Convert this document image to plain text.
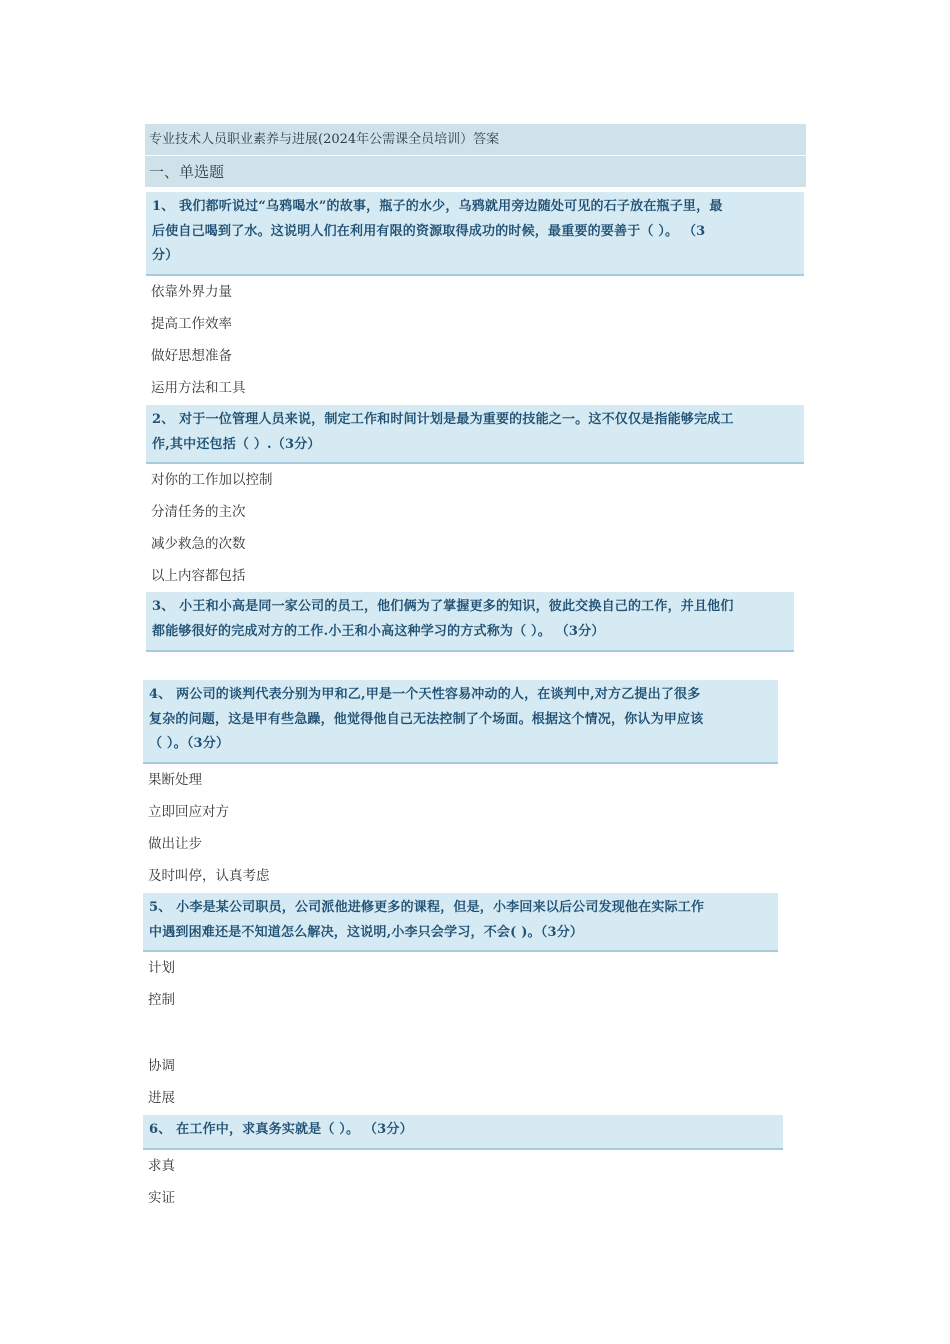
专业技术人员职业素养与进展(2024年公需课全员培训）答案
一、单选题
1、 我们都听说过“乌鸦喝水”的故事，瓶子的水少，乌鸦就用旁边随处可见的石子放在瓶子里，最
后使自己喝到了水。这说明人们在利用有限的资源取得成功的时候，最重要的要善于（ ）。 （3
分）
依靠外界力量
提高工作效率
做好思想准备
运用方法和工具
2、 对于一位管理人员来说，制定工作和时间计划是最为重要的技能之一。这不仅仅是指能够完成工
作,其中还包括（ ）.（3分）
对你的工作加以控制
分清任务的主次
减少救急的次数
以上内容都包括
3、 小王和小高是同一家公司的员工，他们俩为了掌握更多的知识，彼此交换自己的工作，并且他们
都能够很好的完成对方的工作.小王和小高这种学习的方式称为（ ）。 （3分）
4、 两公司的谈判代表分别为甲和乙,甲是一个天性容易冲动的人，在谈判中,对方乙提出了很多
复杂的问题，这是甲有些急躁，他觉得他自己无法控制了个场面。根据这个情况，你认为甲应该
（ ）。（3分）
果断处理
立即回应对方
做出让步
及时叫停，认真考虑
5、 小李是某公司职员，公司派他进修更多的课程，但是，小李回来以后公司发现他在实际工作
中遇到困难还是不知道怎么解决，这说明,小李只会学习，不会( )。（3分）
计划
控制
协调
进展
6、 在工作中，求真务实就是（ ）。 （3分）
求真
实证
